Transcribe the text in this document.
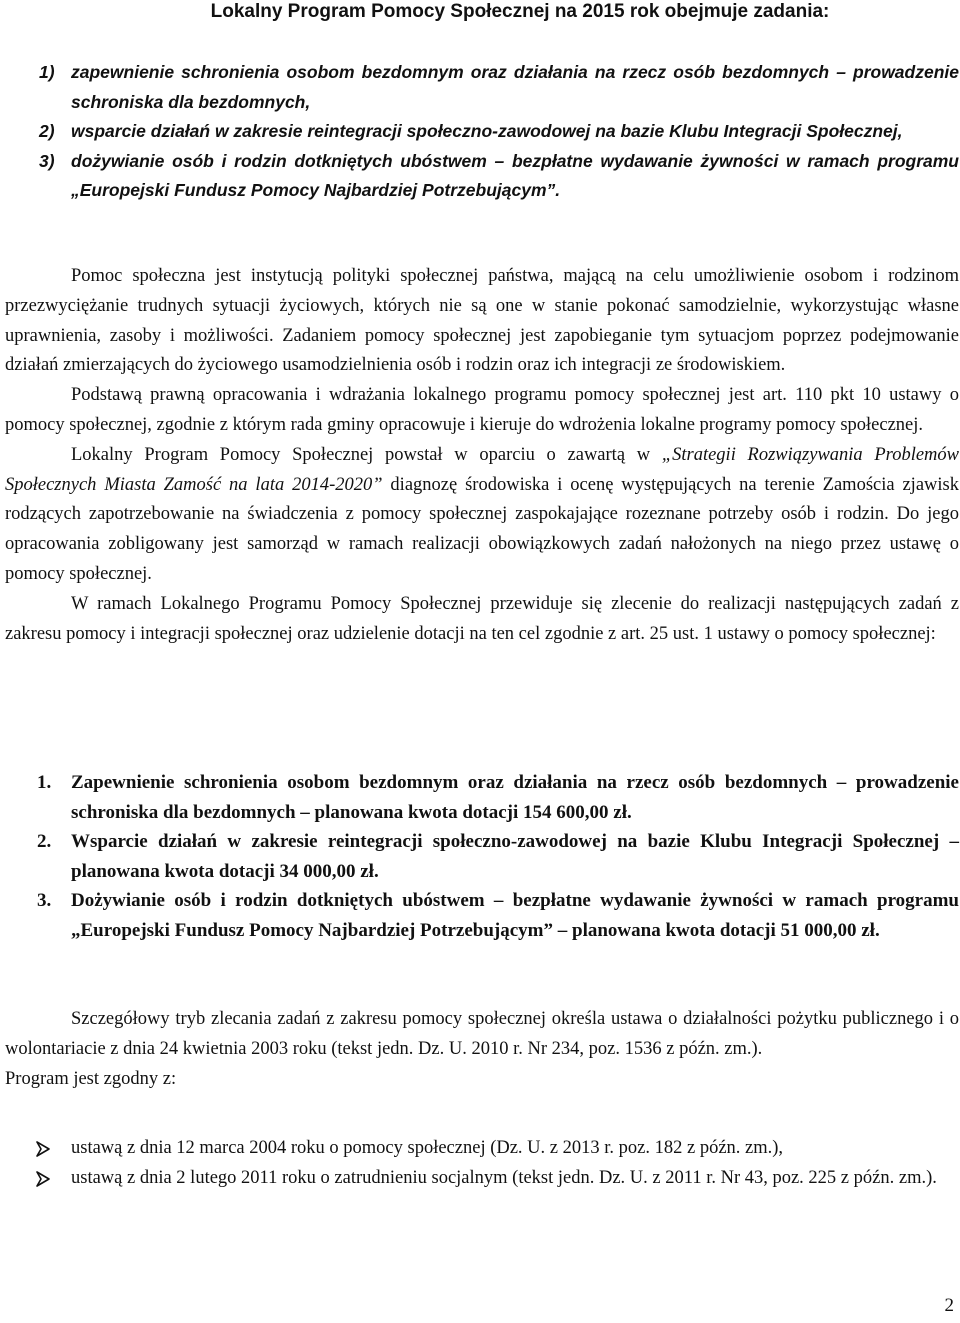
Lokalny Program Pomocy Społecznej na 2015 rok obejmuje zadania:
1) zapewnienie schronienia osobom bezdomnym oraz działania na rzecz osób bezdomnych – prowadzenie schroniska dla bezdomnych,
2) wsparcie działań w zakresie reintegracji społeczno-zawodowej na bazie Klubu Integracji Społecznej,
3) dożywianie osób i rodzin dotkniętych ubóstwem – bezpłatne wydawanie żywności w ramach programu „Europejski Fundusz Pomocy Najbardziej Potrzebującym”.

Pomoc społeczna jest instytucją polityki społecznej państwa, mającą na celu umożliwienie osobom i rodzinom przezwyciężanie trudnych sytuacji życiowych, których nie są one w stanie pokonać samodzielnie, wykorzystując własne uprawnienia, zasoby i możliwości. Zadaniem pomocy społecznej jest zapobieganie tym sytuacjom poprzez podejmowanie działań zmierzających do życiowego usamodzielnienia osób i rodzin oraz ich integracji ze środowiskiem.

Podstawą prawną opracowania i wdrażania lokalnego programu pomocy społecznej jest art. 110 pkt 10 ustawy o pomocy społecznej, zgodnie z którym rada gminy opracowuje i kieruje do wdrożenia lokalne programy pomocy społecznej.

Lokalny Program Pomocy Społecznej powstał w oparciu o zawartą w „Strategii Rozwiązywania Problemów Społecznych Miasta Zamość na lata 2014-2020” diagnozę środowiska i ocenę występujących na terenie Zamościa zjawisk rodzących zapotrzebowanie na świadczenia z pomocy społecznej zaspokajające rozeznane potrzeby osób i rodzin. Do jego opracowania zobligowany jest samorząd w ramach realizacji obowiązkowych zadań nałożonych na niego przez ustawę o pomocy społecznej.

W ramach Lokalnego Programu Pomocy Społecznej przewiduje się zlecenie do realizacji następujących zadań z zakresu pomocy i integracji społecznej oraz udzielenie dotacji na ten cel zgodnie z art. 25 ust. 1 ustawy o pomocy społecznej:

1. Zapewnienie schronienia osobom bezdomnym oraz działania na rzecz osób bezdomnych – prowadzenie schroniska dla bezdomnych – planowana kwota dotacji 154 600,00 zł.
2. Wsparcie działań w zakresie reintegracji społeczno-zawodowej na bazie Klubu Integracji Społecznej – planowana kwota dotacji 34 000,00 zł.
3. Dożywianie osób i rodzin dotkniętych ubóstwem – bezpłatne wydawanie żywności w ramach programu „Europejski Fundusz Pomocy Najbardziej Potrzebującym” – planowana kwota dotacji 51 000,00 zł.

Szczegółowy tryb zlecania zadań z zakresu pomocy społecznej określa ustawa o działalności pożytku publicznego i o wolontariacie z dnia 24 kwietnia 2003 roku (tekst jedn. Dz. U. 2010 r. Nr 234, poz. 1536 z późn. zm.).

Program jest zgodny z:

ustawą z dnia 12 marca 2004 roku o pomocy społecznej (Dz. U. z 2013 r. poz. 182 z późn. zm.),
ustawą z dnia 2 lutego 2011 roku o zatrudnieniu socjalnym (tekst jedn. Dz. U. z 2011 r. Nr 43, poz. 225 z późn. zm.).
2
